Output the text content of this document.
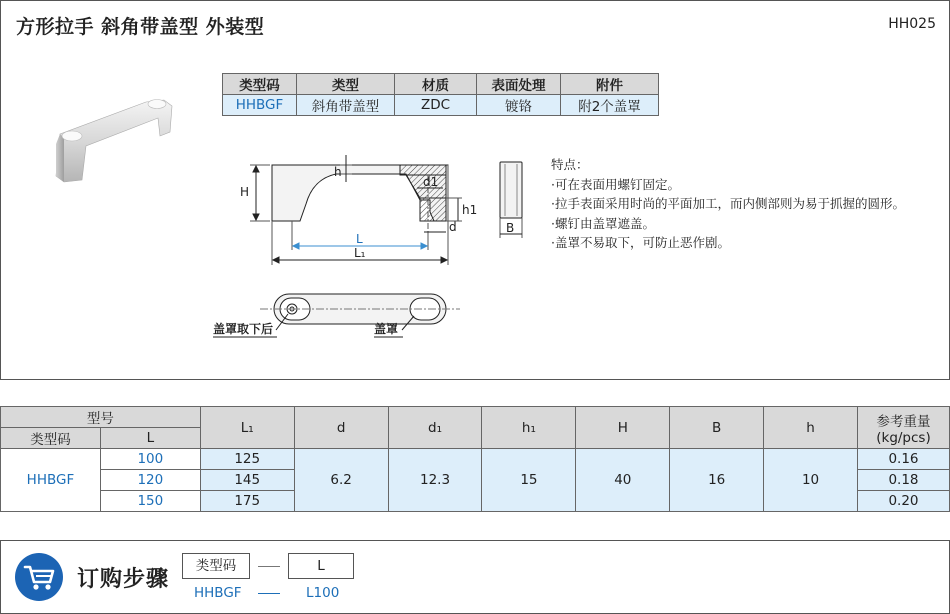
方形拉手 斜角带盖型 外装型	HH025
类型码	类型	材质	表面处理	附件
HHBGF	斜角带盖型	ZDC	镀铬	附2个盖罩
H
h
d1
h1
d
L
L₁
B
盖罩取下后	盖罩
特点：
·可在表面用螺钉固定。
·拉手表面采用时尚的平面加工，而内侧部则为易于抓握的圆形。
·螺钉由盖罩遮盖。
·盖罩不易取下，可防止恶作剧。
型号		L₁	d	d₁	h₁	H	B	h	参考重量
(kg/pcs)

类型码	L								
HHBGF	100	125	6.2	12.3	15	40	16	10	0.16
	120	145							0.18
	150	175							0.20
订购步骤
类型码	L
HHBGF	L100
